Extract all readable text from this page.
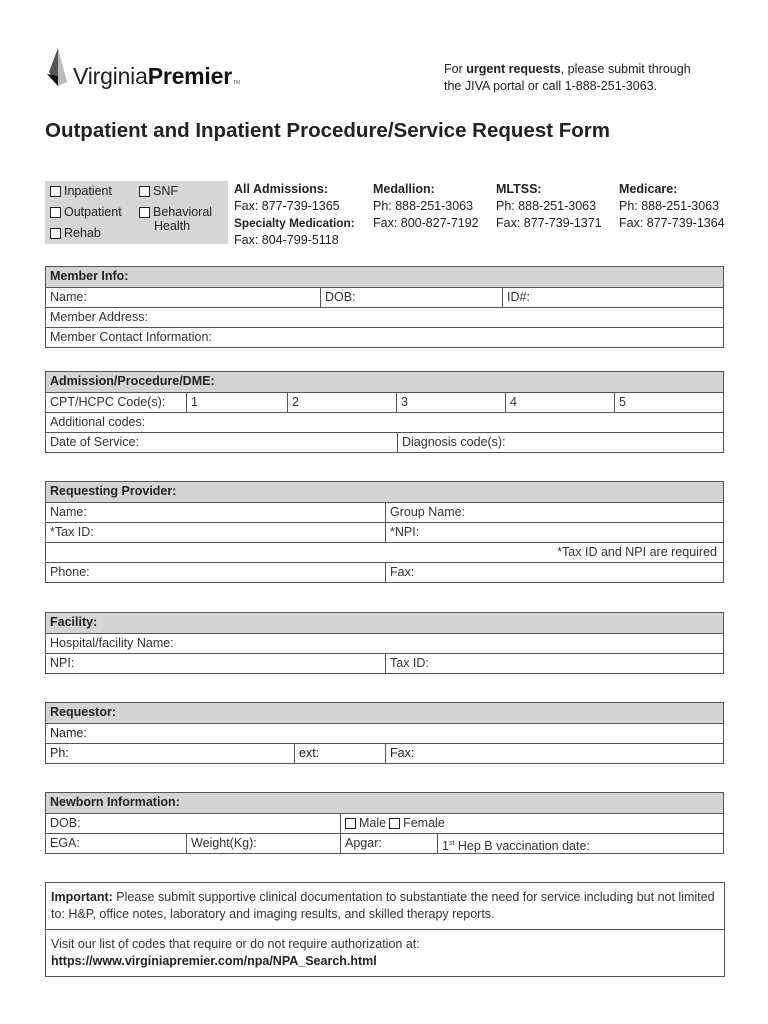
Virginia Premier TM
For urgent requests, please submit through
the JIVA portal or call 1-888-251-3063.
Outpatient and Inpatient Procedure/Service Request Form
Inpatient	SNF
Outpatient	Behavioral
Health
Rehab
All Admissions:
Fax: 877-739-1365
Specialty Medication:
Fax: 804-799-5118
Medallion:
Ph: 888-251-3063
Fax: 800-827-7192
MLTSS:
Ph: 888-251-3063
Fax: 877-739-1371
Medicare:
Ph: 888-251-3063
Fax: 877-739-1364
Member Info:
Name:	DOB:	ID#:
Member Address:
Member Contact Information:
Admission/Procedure/DME:
CPT/HCPC Code(s):	1	2	3	4	5
Additional codes:
Date of Service:	Diagnosis code(s):
Requesting Provider:
Name:	Group Name:
*Tax ID:	*NPI:
*Tax ID and NPI are required
Phone:	Fax:
Facility:
Hospital/facility Name:
NPI:	Tax ID:
Requestor:
Name:
Ph:	ext:	Fax:
Newborn Information:
DOB:	Male Female
EGA:	Weight(Kg):	Apgar:	1st Hep B vaccination date:
Important: Please submit supportive clinical documentation to substantiate the need for service including but not limited to: H&P, office notes, laboratory and imaging results, and skilled therapy reports.
Visit our list of codes that require or do not require authorization at:
https://www.virginiapremier.com/npa/NPA_Search.html
